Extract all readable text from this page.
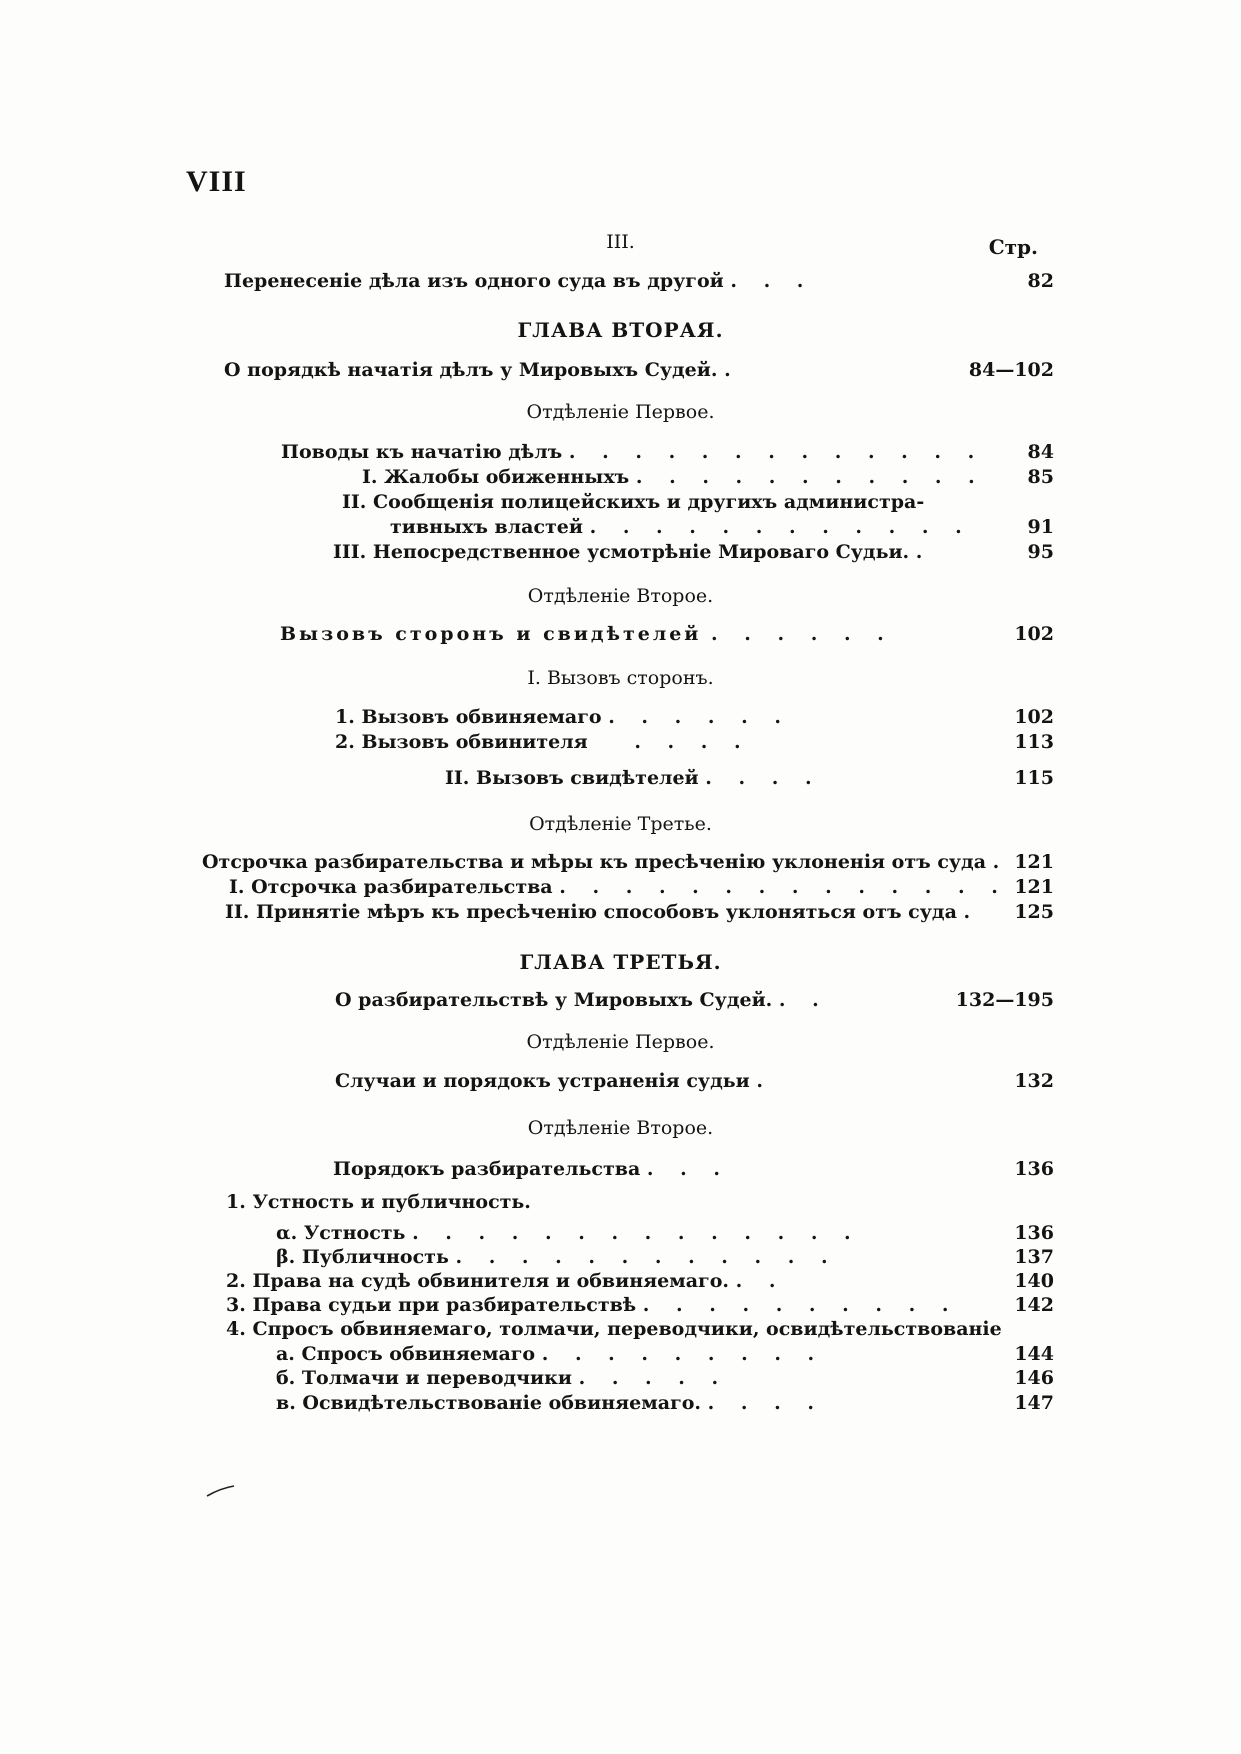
VIII
Стр.
III.
Перенесеніе дѣла изъ одного суда въ другой . . .	82
ГЛАВА ВТОРАЯ.
О порядкѣ начатія дѣлъ у Мировыхъ Судей. .	84—102
Отдѣленіе Первое.
Поводы къ начатію дѣлъ . . . . . . . . . . . . . 84
I. Жалобы обиженныхъ . . . . . . . . . . . 85
II. Сообщенія полицейскихъ и другихъ администра-
тивныхъ властей . . . . . . . . . . . .	91
III. Непосредственное усмотрѣніе Мироваго Судьи. .	95
Отдѣленіе Второе.
Вызовъ сторонъ и свидѣтелей . . . . . .	102
I. Вызовъ сторонъ.
1. Вызовъ обвиняемаго . . . . . .	102
2. Вызовъ обвинителя . . . .	113
II. Вызовъ свидѣтелей . . . .	115
Отдѣленіе Третье.
Отсрочка разбирательства и мѣры къ пресѣченію уклоненія отъ суда . 121
I. Отсрочка разбирательства . . . . . . . . . . . . . . 121
II. Принятіе мѣръ къ пресѣченію способовъ уклоняться отъ суда . 125
ГЛАВА ТРЕТЬЯ.
О разбирательствѣ у Мировыхъ Судей. . .	132—195
Отдѣленіе Первое.
Случаи и порядокъ устраненія судьи .	132
Отдѣленіе Второе.
Порядокъ разбирательства . . .	136
1. Устность и публичность.
α. Устность . . . . . . . . . . . . . .	136
β. Публичность . . . . . . . . . . . .	137
2. Права на судѣ обвинителя и обвиняемаго. . .	140
3. Права судьи при разбирательствѣ . . . . . . . . . .	142
4. Спросъ обвиняемаго, толмачи, переводчики, освидѣтельствованіе
а. Спросъ обвиняемаго . . . . . . . . .	144
б. Толмачи и переводчики . . . . .	146
в. Освидѣтельствованіе обвиняемаго. . . . .	147
